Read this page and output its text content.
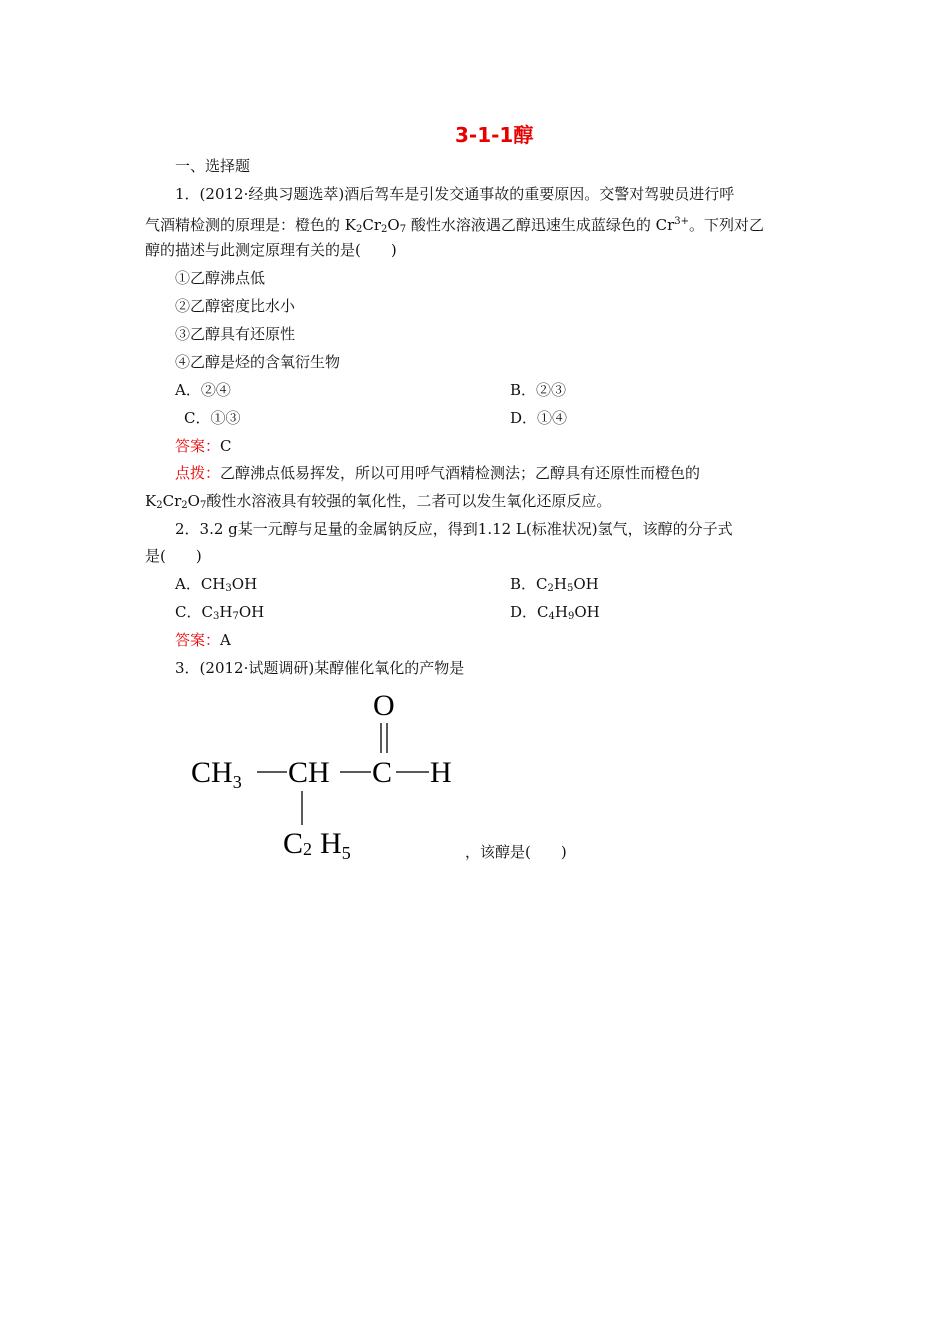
3-1-1醇
一、选择题
1．(2012·经典习题选萃)酒后驾车是引发交通事故的重要原因。交警对驾驶员进行呼
气酒精检测的原理是：橙色的 $K_2Cr_2O_7$ 酸性水溶液遇乙醇迅速生成蓝绿色的 $Cr^{3+}$。下列对乙
醇的描述与此测定原理有关的是(　　)
①乙醇沸点低
②乙醇密度比水小
③乙醇具有还原性
④乙醇是烃的含氧衍生物
A．②④	B．②③
C．①③	D．①④
答案：C
点拨：乙醇沸点低易挥发，所以可用呼气酒精检测法；乙醇具有还原性而橙色的
$K_2Cr_2O_7$酸性水溶液具有较强的氧化性，二者可以发生氧化还原反应。
2．3.2 g某一元醇与足量的金属钠反应，得到1.12 L(标准状况)氢气，该醇的分子式
是(　　)
A．$CH_3OH$	B．$C_2H_5OH$
C．$C_3H_7OH$	D．$C_4H_9OH$
答案：A
3．(2012·试题调研)某醇催化氧化的产物是
O
$CH_3$ CH C H
C2 $H_5$	，该醇是(　　)
